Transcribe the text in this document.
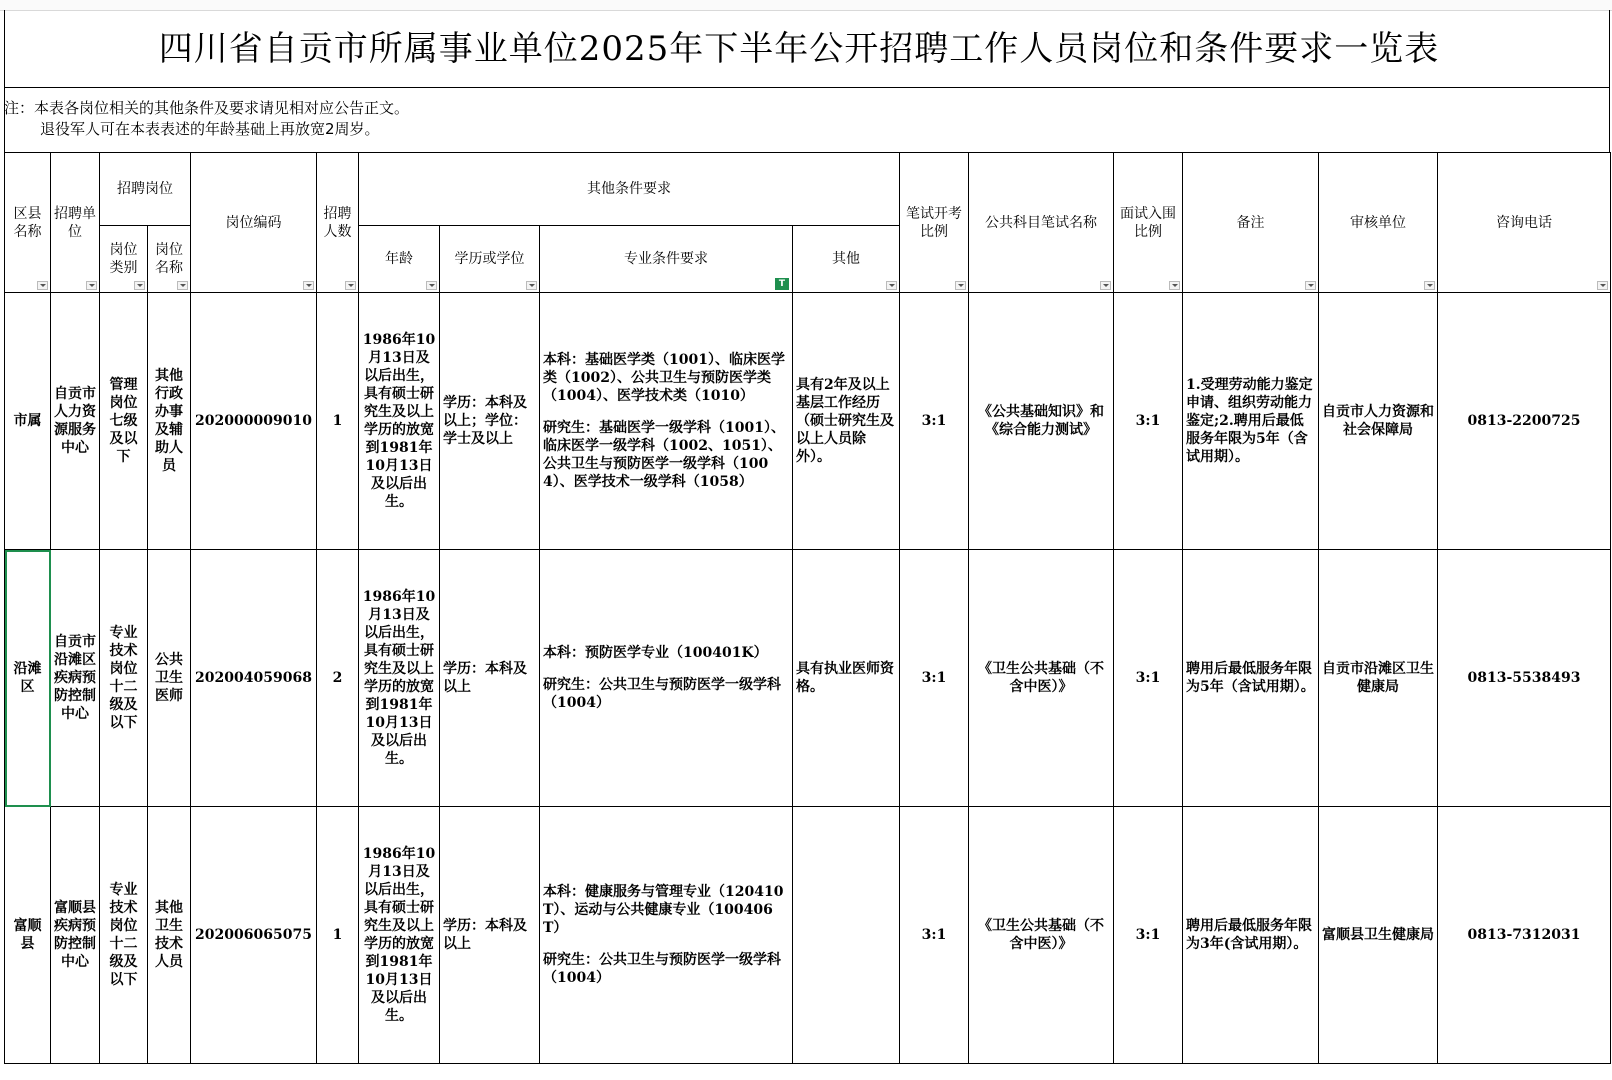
四川省自贡市所属事业单位2025年下半年公开招聘工作人员岗位和条件要求一览表
注：本表各岗位相关的其他条件及要求请见相对应公告正文。
退役军人可在本表表述的年龄基础上再放宽2周岁。
区县名称	招聘单位	招聘岗位		岗位编码	招聘人数	其他条件要求				笔试开考比例	公共科目笔试名称	面试入围比例	备注	审核单位	咨询电话

		岗位类别	岗位名称			年龄	学历或学位	专业条件要求
T	其他						

市属	自贡市人力资源服务中心	管理岗位七级及以下	其他行政办事及辅助人员	202000009010	1	1986年10月13日及以后出生，具有硕士研究生及以上学历的放宽到1981年10月13日及以后出生。	学历：本科及以上；学位：学士及以上	本科：基础医学类（1001）、临床医学类（1002）、公共卫生与预防医学类（1004）、医学技术类（1010）
研究生：基础医学一级学科（1001）、临床医学一级学科（1002、1051）、公共卫生与预防医学一级学科（1004）、医学技术一级学科（1058）	具有2年及以上基层工作经历（硕士研究生及以上人员除外）。	3:1	《公共基础知识》和《综合能力测试》	3:1	1.受理劳动能力鉴定申请、组织劳动能力鉴定;2.聘用后最低服务年限为5年（含试用期）。	自贡市人力资源和社会保障局	0813-2200725
沿滩区	自贡市沿滩区疾病预防控制中心	专业技术岗位十二级及以下	公共卫生医师	202004059068	2	1986年10月13日及以后出生，具有硕士研究生及以上学历的放宽到1981年10月13日及以后出生。	学历：本科及以上	本科：预防医学专业（100401K）
研究生：公共卫生与预防医学一级学科（1004）	具有执业医师资格。	3:1	《卫生公共基础（不含中医）》	3:1	聘用后最低服务年限为5年（含试用期）。	自贡市沿滩区卫生健康局	0813-5538493
富顺县	富顺县疾病预防控制中心	专业技术岗位十二级及以下	其他卫生技术人员	202006065075	1	1986年10月13日及以后出生，具有硕士研究生及以上学历的放宽到1981年10月13日及以后出生。	学历：本科及以上	本科：健康服务与管理专业（120410T）、运动与公共健康专业（100406T）
研究生：公共卫生与预防医学一级学科（1004）		3:1	《卫生公共基础（不含中医）》	3:1	聘用后最低服务年限为3年(含试用期）。	富顺县卫生健康局	0813-7312031
